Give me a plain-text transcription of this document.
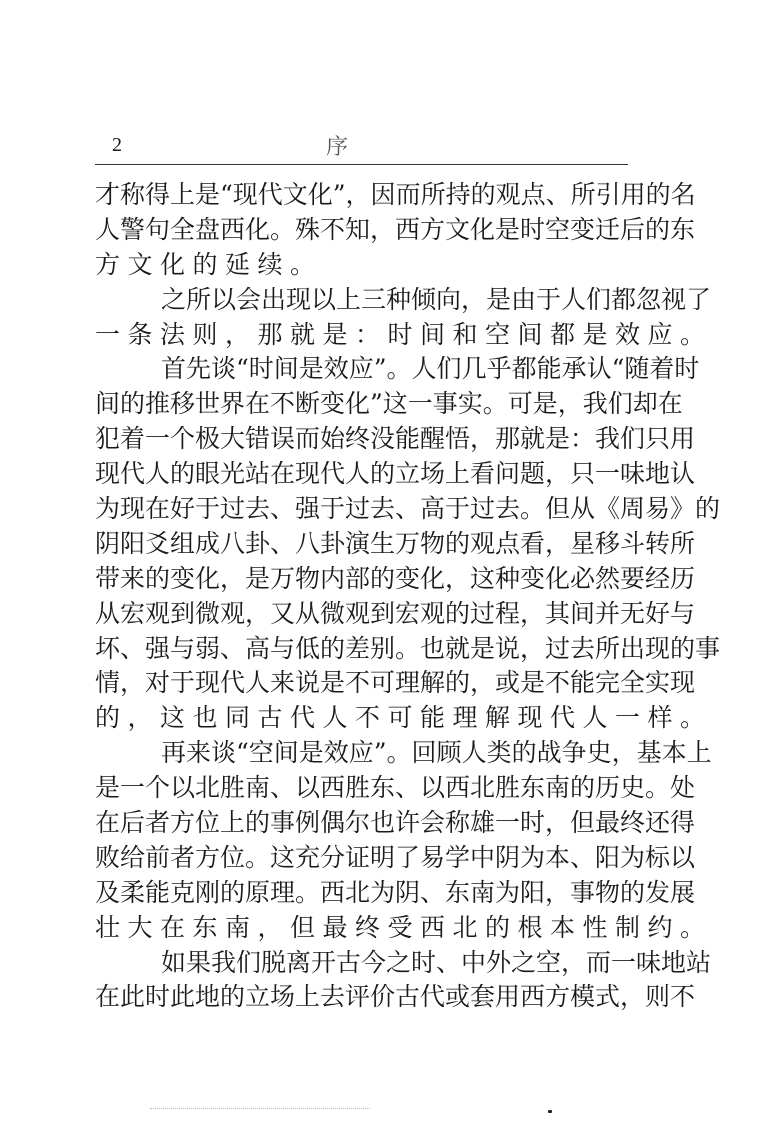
2	序
才称得上是“现代文化”，因而所持的观点、所引用的名
人警句全盘西化。殊不知，西方文化是时空变迁后的东
方文化的延续。
之所以会出现以上三种倾向，是由于人们都忽视了
一条法则，那就是：时间和空间都是效应。
首先谈“时间是效应”。人们几乎都能承认“随着时
间的推移世界在不断变化”这一事实。可是，我们却在
犯着一个极大错误而始终没能醒悟，那就是：我们只用
现代人的眼光站在现代人的立场上看问题，只一味地认
为现在好于过去、强于过去、高于过去。但从《周易》的
阴阳爻组成八卦、八卦演生万物的观点看，星移斗转所
带来的变化，是万物内部的变化，这种变化必然要经历
从宏观到微观，又从微观到宏观的过程，其间并无好与
坏、强与弱、高与低的差别。也就是说，过去所出现的事
情，对于现代人来说是不可理解的，或是不能完全实现
的，这也同古代人不可能理解现代人一样。
再来谈“空间是效应”。回顾人类的战争史，基本上
是一个以北胜南、以西胜东、以西北胜东南的历史。处
在后者方位上的事例偶尔也许会称雄一时，但最终还得
败给前者方位。这充分证明了易学中阴为本、阳为标以
及柔能克刚的原理。西北为阴、东南为阳，事物的发展
壮大在东南，但最终受西北的根本性制约。
如果我们脱离开古今之时、中外之空，而一味地站
在此时此地的立场上去评价古代或套用西方模式，则不
